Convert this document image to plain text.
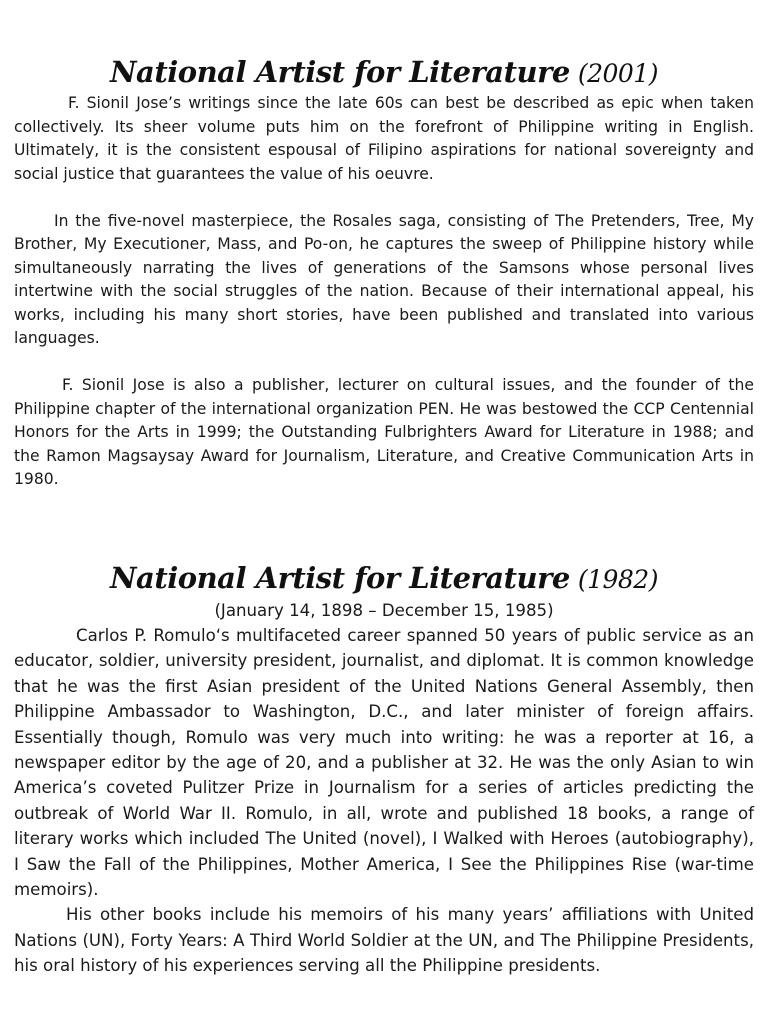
National Artist for Literature (2001)

F. Sionil Jose’s writings since the late 60s can best be described as epic when taken collectively. Its sheer volume puts him on the forefront of Philippine writing in English. Ultimately, it is the consistent espousal of Filipino aspirations for national sovereignty and social justice that guarantees the value of his oeuvre.

In the five-novel masterpiece, the Rosales saga, consisting of The Pretenders, Tree, My Brother, My Executioner, Mass, and Po-on, he captures the sweep of Philippine history while simultaneously narrating the lives of generations of the Samsons whose personal lives intertwine with the social struggles of the nation. Because of their international appeal, his works, including his many short stories, have been published and translated into various languages.

F. Sionil Jose is also a publisher, lecturer on cultural issues, and the founder of the Philippine chapter of the international organization PEN. He was bestowed the CCP Centennial Honors for the Arts in 1999; the Outstanding Fulbrighters Award for Literature in 1988; and the Ramon Magsaysay Award for Journalism, Literature, and Creative Communication Arts in 1980.

National Artist for Literature (1982)

(January 14, 1898 – December 15, 1985)

Carlos P. Romulo‘s multifaceted career spanned 50 years of public service as an educator, soldier, university president, journalist, and diplomat. It is common knowledge that he was the first Asian president of the United Nations General Assembly, then Philippine Ambassador to Washington, D.C., and later minister of foreign affairs. Essentially though, Romulo was very much into writing: he was a reporter at 16, a newspaper editor by the age of 20, and a publisher at 32. He was the only Asian to win America’s coveted Pulitzer Prize in Journalism for a series of articles predicting the outbreak of World War II. Romulo, in all, wrote and published 18 books, a range of literary works which included The United (novel), I Walked with Heroes (autobiography), I Saw the Fall of the Philippines, Mother America, I See the Philippines Rise (war-time memoirs).

His other books include his memoirs of his many years’ affiliations with United Nations (UN), Forty Years: A Third World Soldier at the UN, and The Philippine Presidents, his oral history of his experiences serving all the Philippine presidents.
